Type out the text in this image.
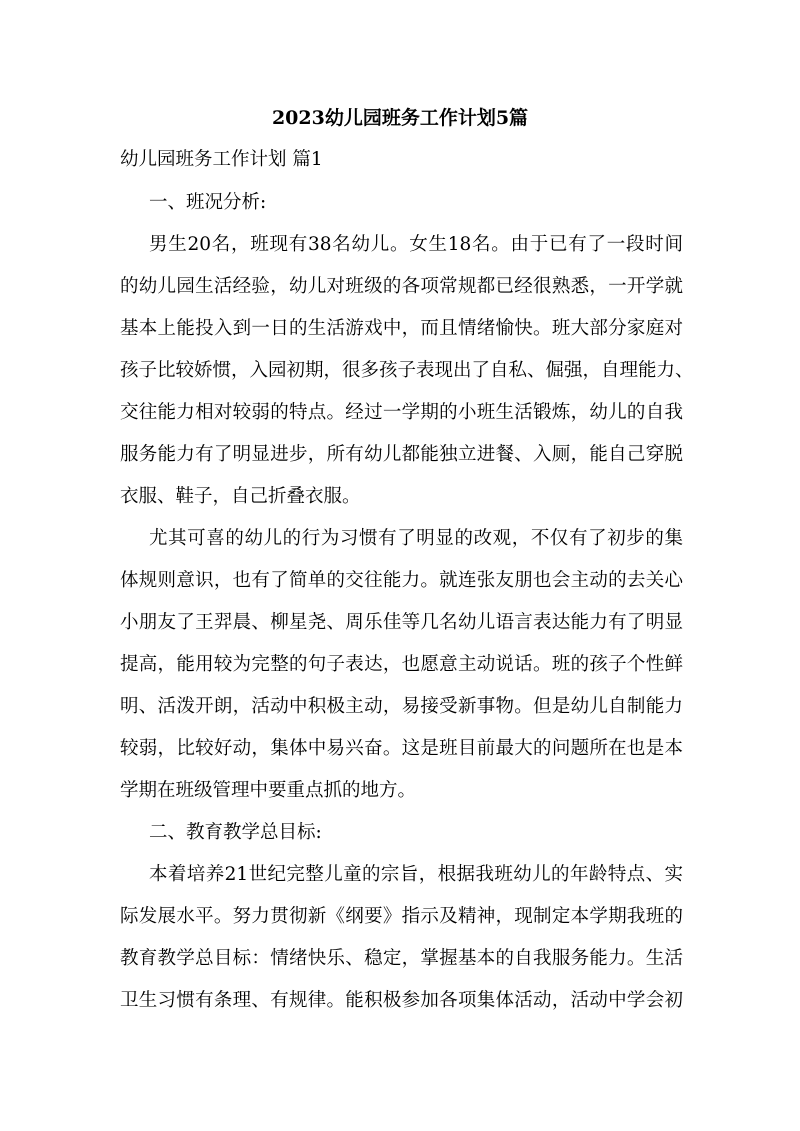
2023幼儿园班务工作计划5篇
幼儿园班务工作计划 篇1
一、班况分析:
男生20名，班现有38名幼儿。女生18名。由于已有了一段时间
的幼儿园生活经验，幼儿对班级的各项常规都已经很熟悉，一开学就
基本上能投入到一日的生活游戏中，而且情绪愉快。班大部分家庭对
孩子比较娇惯，入园初期，很多孩子表现出了自私、倔强，自理能力、
交往能力相对较弱的特点。经过一学期的小班生活锻炼，幼儿的自我
服务能力有了明显进步，所有幼儿都能独立进餐、入厕，能自己穿脱
衣服、鞋子，自己折叠衣服。
尤其可喜的幼儿的行为习惯有了明显的改观，不仅有了初步的集
体规则意识，也有了简单的交往能力。就连张友朋也会主动的去关心
小朋友了王羿晨、柳星尧、周乐佳等几名幼儿语言表达能力有了明显
提高，能用较为完整的句子表达，也愿意主动说话。班的孩子个性鲜
明、活泼开朗，活动中积极主动，易接受新事物。但是幼儿自制能力
较弱，比较好动，集体中易兴奋。这是班目前最大的问题所在也是本
学期在班级管理中要重点抓的地方。
二、教育教学总目标:
本着培养21世纪完整儿童的宗旨，根据我班幼儿的年龄特点、实
际发展水平。努力贯彻新《纲要》指示及精神，现制定本学期我班的
教育教学总目标：情绪快乐、稳定，掌握基本的自我服务能力。生活
卫生习惯有条理、有规律。能积极参加各项集体活动，活动中学会初
